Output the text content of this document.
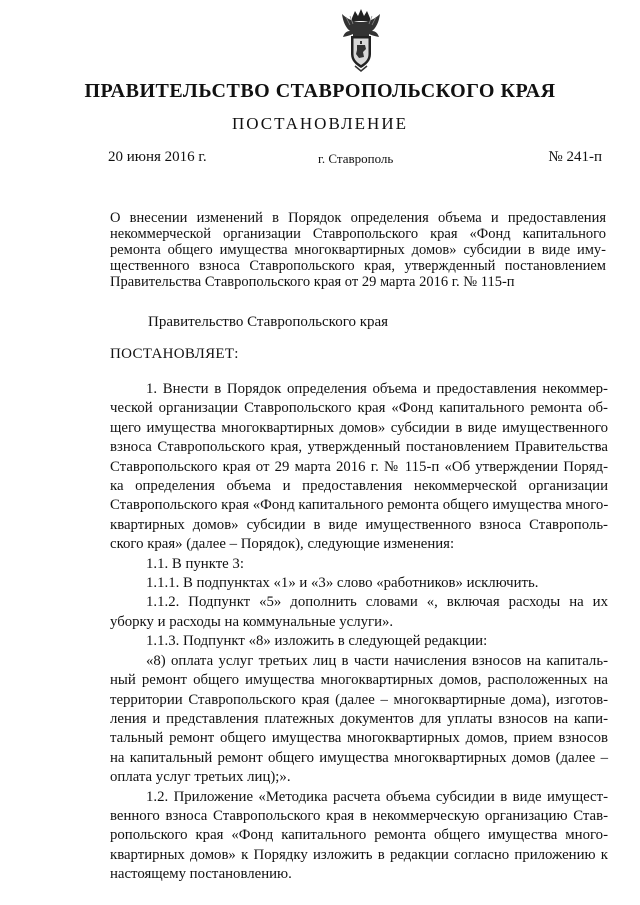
ПРАВИТЕЛЬСТВО СТАВРОПОЛЬСКОГО КРАЯ
ПОСТАНОВЛЕНИЕ
20 июня 2016 г.	г. Ставрополь	№ 241-п
О внесении изменений в Порядок определения объема и предоставления
некоммерческой организации Ставропольского края «Фонд капитального
ремонта общего имущества многоквартирных домов» субсидии в виде иму-
щественного взноса Ставропольского края, утвержденный постановлением
Правительства Ставропольского края от 29 марта 2016 г. № 115-п
Правительство Ставропольского края
ПОСТАНОВЛЯЕТ:
1. Внести в Порядок определения объема и предоставления некоммер-
ческой организации Ставропольского края «Фонд капитального ремонта об-
щего имущества многоквартирных домов» субсидии в виде имущественного
взноса Ставропольского края, утвержденный постановлением Правительства
Ставропольского края от 29 марта 2016 г. № 115-п «Об утверждении Поряд-
ка определения объема и предоставления некоммерческой организации
Ставропольского края «Фонд капитального ремонта общего имущества много-
квартирных домов» субсидии в виде имущественного взноса Ставрополь-
ского края» (далее – Порядок), следующие изменения:
1.1. В пункте 3:
1.1.1. В подпунктах «1» и «3» слово «работников» исключить.
1.1.2. Подпункт «5» дополнить словами «, включая расходы на их
уборку и расходы на коммунальные услуги».
1.1.3. Подпункт «8» изложить в следующей редакции:
«8) оплата услуг третьих лиц в части начисления взносов на капиталь-
ный ремонт общего имущества многоквартирных домов, расположенных на
территории Ставропольского края (далее – многоквартирные дома), изготов-
ления и представления платежных документов для уплаты взносов на капи-
тальный ремонт общего имущества многоквартирных домов, прием взносов
на капитальный ремонт общего имущества многоквартирных домов (далее –
оплата услуг третьих лиц);».
1.2. Приложение «Методика расчета объема субсидии в виде имущест-
венного взноса Ставропольского края в некоммерческую организацию Став-
ропольского края «Фонд капитального ремонта общего имущества много-
квартирных домов» к Порядку изложить в редакции согласно приложению к
настоящему постановлению.
